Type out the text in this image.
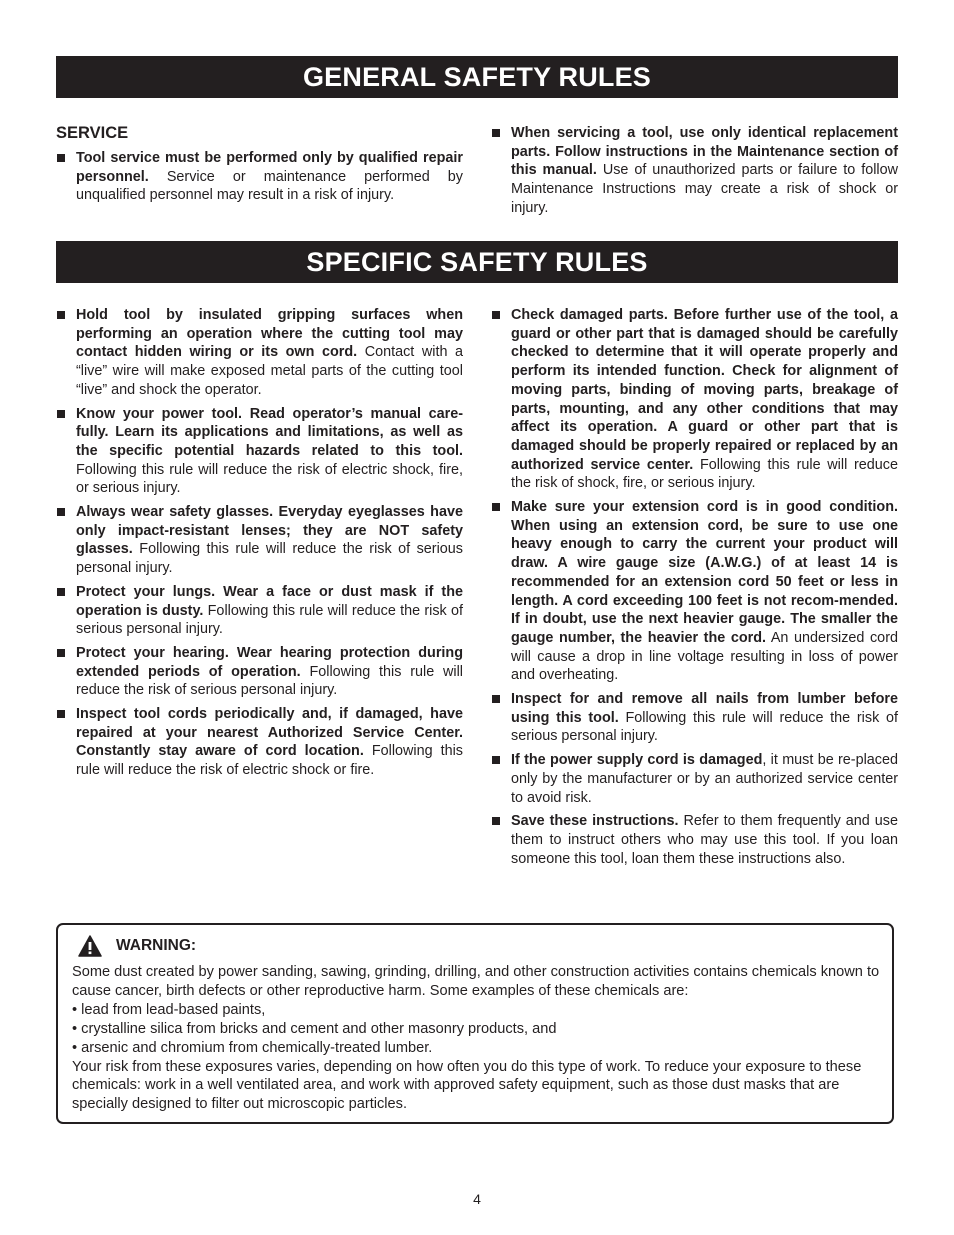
GENERAL SAFETY RULES
SERVICE
Tool service must be performed only by qualified repair personnel. Service or maintenance performed by unqualified personnel may result in a risk of injury.
When servicing a tool, use only identical replacement parts. Follow instructions in the Maintenance section of this manual. Use of unauthorized parts or failure to follow Maintenance Instructions may create a risk of shock or injury.
SPECIFIC SAFETY RULES
Hold tool by insulated gripping surfaces when performing an operation where the cutting tool may contact hidden wiring or its own cord. Contact with a “live” wire will make exposed metal parts of the cutting tool “live” and shock the operator.
Know your power tool. Read operator’s manual care-fully. Learn its applications and limitations, as well as the specific potential hazards related to this tool. Following this rule will reduce the risk of electric shock, fire, or serious injury.
Always wear safety glasses. Everyday eyeglasses have only impact-resistant lenses; they are NOT safety glasses. Following this rule will reduce the risk of serious personal injury.
Protect your lungs. Wear a face or dust mask if the operation is dusty. Following this rule will reduce the risk of serious personal injury.
Protect your hearing. Wear hearing protection during extended periods of operation. Following this rule will reduce the risk of serious personal injury.
Inspect tool cords periodically and, if damaged, have repaired at your nearest Authorized Service Center. Constantly stay aware of cord location. Following this rule will reduce the risk of electric shock or fire.
Check damaged parts. Before further use of the tool, a guard or other part that is damaged should be carefully checked to determine that it will operate properly and perform its intended function. Check for alignment of moving parts, binding of moving parts, breakage of parts, mounting, and any other conditions that may affect its operation. A guard or other part that is damaged should be properly repaired or replaced by an authorized service center. Following this rule will reduce the risk of shock, fire, or serious injury.
Make sure your extension cord is in good condition. When using an extension cord, be sure to use one heavy enough to carry the current your product will draw. A wire gauge size (A.W.G.) of at least 14 is recommended for an extension cord 50 feet or less in length. A cord exceeding 100 feet is not recom-mended. If in doubt, use the next heavier gauge. The smaller the gauge number, the heavier the cord. An undersized cord will cause a drop in line voltage resulting in loss of power and overheating.
Inspect for and remove all nails from lumber before using this tool. Following this rule will reduce the risk of serious personal injury.
If the power supply cord is damaged, it must be re-placed only by the manufacturer or by an authorized service center to avoid risk.
Save these instructions. Refer to them frequently and use them to instruct others who may use this tool. If you loan someone this tool, loan them these instructions also.
WARNING:

Some dust created by power sanding, sawing, grinding, drilling, and other construction activities contains chemicals known to cause cancer, birth defects or other reproductive harm. Some examples of these chemicals are:

• lead from lead-based paints,

• crystalline silica from bricks and cement and other masonry products, and

• arsenic and chromium from chemically-treated lumber.

Your risk from these exposures varies, depending on how often you do this type of work. To reduce your exposure to these chemicals: work in a well ventilated area, and work with approved safety equipment, such as those dust masks that are specially designed to filter out microscopic particles.

4
